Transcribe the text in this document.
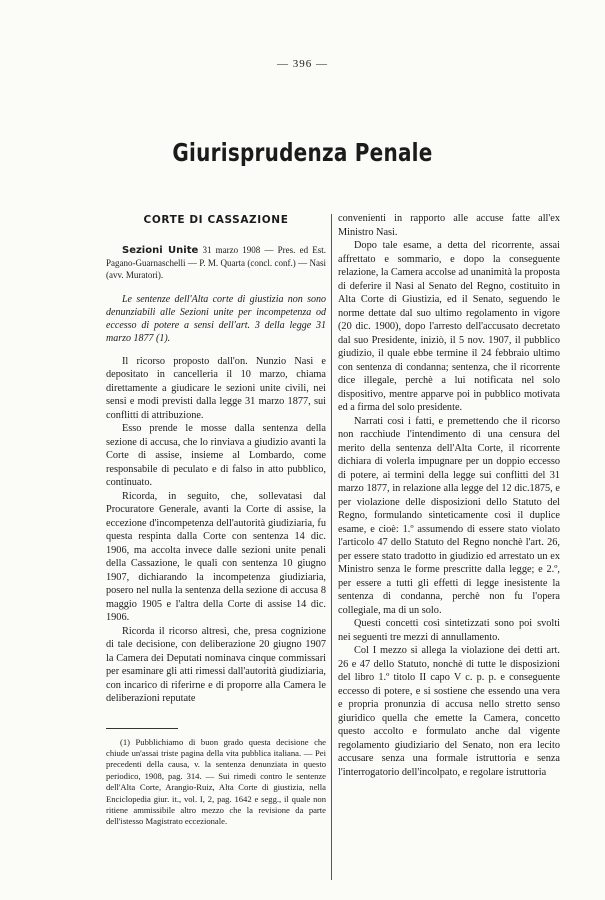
— 396 —
Giurisprudenza Penale
CORTE DI CASSAZIONE

Sezioni Unite 31 marzo 1908 — Pres. ed Est. Pagano-Guarnaschelli — P. M. Quarta (concl. conf.) — Nasi (avv. Muratori).

Le sentenze dell'Alta corte di giustizia non sono denunziabili alle Sezioni unite per incompetenza od eccesso di potere a sensi dell'art. 3 della legge 31 marzo 1877 (1).

Il ricorso proposto dall'on. Nunzio Nasi e depositato in cancelleria il 10 marzo, chiama direttamente a giudicare le sezioni unite civili, nei sensi e modi previsti dalla legge 31 marzo 1877, sui conflitti di attribuzione.

Esso prende le mosse dalla sentenza della sezione di accusa, che lo rinviava a giudizio avanti la Corte di assise, insieme al Lombardo, come responsabile di peculato e di falso in atto pubblico, continuato.

Ricorda, in seguito, che, sollevatasi dal Procuratore Generale, avanti la Corte di assise, la eccezione d'incompetenza dell'autorità giudiziaria, fu questa respinta dalla Corte con sentenza 14 dic. 1906, ma accolta invece dalle sezioni unite penali della Cassazione, le quali con sentenza 10 giugno 1907, dichiarando la incompetenza giudiziaria, posero nel nulla la sentenza della sezione di accusa 8 maggio 1905 e l'altra della Corte di assise 14 dic. 1906.

Ricorda il ricorso altresì, che, presa cognizione di tale decisione, con deliberazione 20 giugno 1907 la Camera dei Deputati nominava cinque commissari per esaminare gli atti rimessi dall'autorità giudiziaria, con incarico di riferirne e di proporre alla Camera le deliberazioni reputate

(1) Pubblichiamo di buon grado questa decisione che chiude un'assai triste pagina della vita pubblica italiana. — Pei precedenti della causa, v. la sentenza denunziata in questo periodico, 1908, pag. 314. — Sui rimedi contro le sentenze dell'Alta Corte, Arangio-Ruiz, Alta Corte di giustizia, nella Enciclopedia giur. it., vol. I, 2, pag. 1642 e segg., il quale non ritiene ammissibile altro mezzo che la revisione da parte dell'istesso Magistrato eccezionale.

convenienti in rapporto alle accuse fatte all'ex Ministro Nasi.

Dopo tale esame, a detta del ricorrente, assai affrettato e sommario, e dopo la conseguente relazione, la Camera accolse ad unanimità la proposta di deferire il Nasi al Senato del Regno, costituito in Alta Corte di Giustizia, ed il Senato, seguendo le norme dettate dal suo ultimo regolamento in vigore (20 dic. 1900), dopo l'arresto dell'accusato decretato dal suo Presidente, iniziò, il 5 nov. 1907, il pubblico giudizio, il quale ebbe termine il 24 febbraio ultimo con sentenza di condanna; sentenza, che il ricorrente dice illegale, perchè a lui notificata nel solo dispositivo, mentre apparve poi in pubblico motivata ed a firma del solo presidente.

Narrati così i fatti, e premettendo che il ricorso non racchiude l'intendimento di una censura del merito della sentenza dell'Alta Corte, il ricorrente dichiara di volerla impugnare per un doppio eccesso di potere, ai termini della legge sui conflitti del 31 marzo 1877, in relazione alla legge del 12 dic.1875, e per violazione delle disposizioni dello Statuto del Regno, formulando sinteticamente così il duplice esame, e cioè: 1.º assumendo di essere stato violato l'articolo 47 dello Statuto del Regno nonchè l'art. 26, per essere stato tradotto in giudizio ed arrestato un ex Ministro senza le forme prescritte dalla legge; e 2.º, per essere a tutti gli effetti di legge inesistente la sentenza di condanna, perchè non fu l'opera collegiale, ma di un solo.

Questi concetti così sintetizzati sono poi svolti nei seguenti tre mezzi di annullamento.

Col I mezzo si allega la violazione dei detti art. 26 e 47 dello Statuto, nonchè di tutte le disposizioni del libro 1.º titolo II capo V c. p. p. e conseguente eccesso di potere, e si sostiene che essendo una vera e propria pronunzia di accusa nello stretto senso giuridico quella che emette la Camera, concetto questo accolto e formulato anche dal vigente regolamento giudiziario del Senato, non era lecito accusare senza una formale istruttoria e senza l'interrogatorio dell'incolpato, e regolare istruttoria
